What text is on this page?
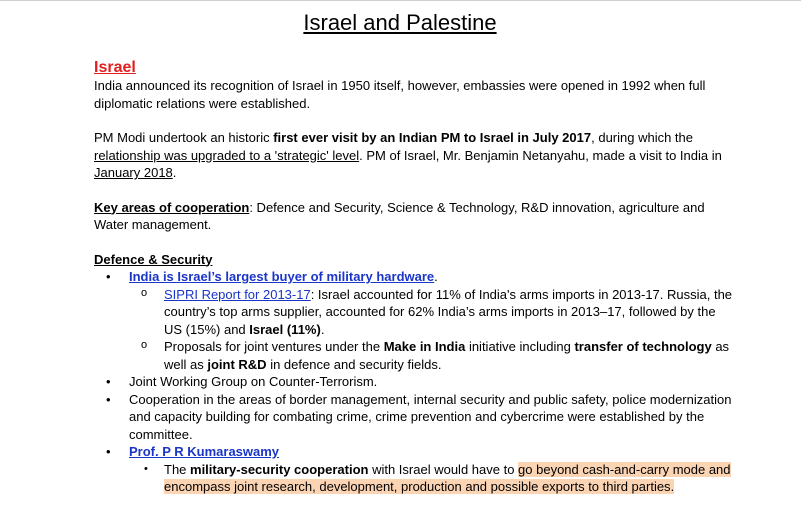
Israel and Palestine
Israel

India announced its recognition of Israel in 1950 itself, however, embassies were opened in 1992 when full diplomatic relations were established.

PM Modi undertook an historic first ever visit by an Indian PM to Israel in July 2017, during which the relationship was upgraded to a 'strategic' level. PM of Israel, Mr. Benjamin Netanyahu, made a visit to India in January 2018.

Key areas of cooperation: Defence and Security, Science & Technology, R&D innovation, agriculture and Water management.

Defence & Security

• India is Israel’s largest buyer of military hardware.
o SIPRI Report for 2013-17: Israel accounted for 11% of India's arms imports in 2013-17. Russia, the country’s top arms supplier, accounted for 62% India’s arms imports in 2013–17, followed by the US (15%) and Israel (11%).
o Proposals for joint ventures under the Make in India initiative including transfer of technology as well as joint R&D in defence and security fields.
• Joint Working Group on Counter-Terrorism.
• Cooperation in the areas of border management, internal security and public safety, police modernization and capacity building for combating crime, crime prevention and cybercrime were established by the committee.
• Prof. P R Kumaraswamy
• The military-security cooperation with Israel would have to go beyond cash-and-carry mode and encompass joint research, development, production and possible exports to third parties.
